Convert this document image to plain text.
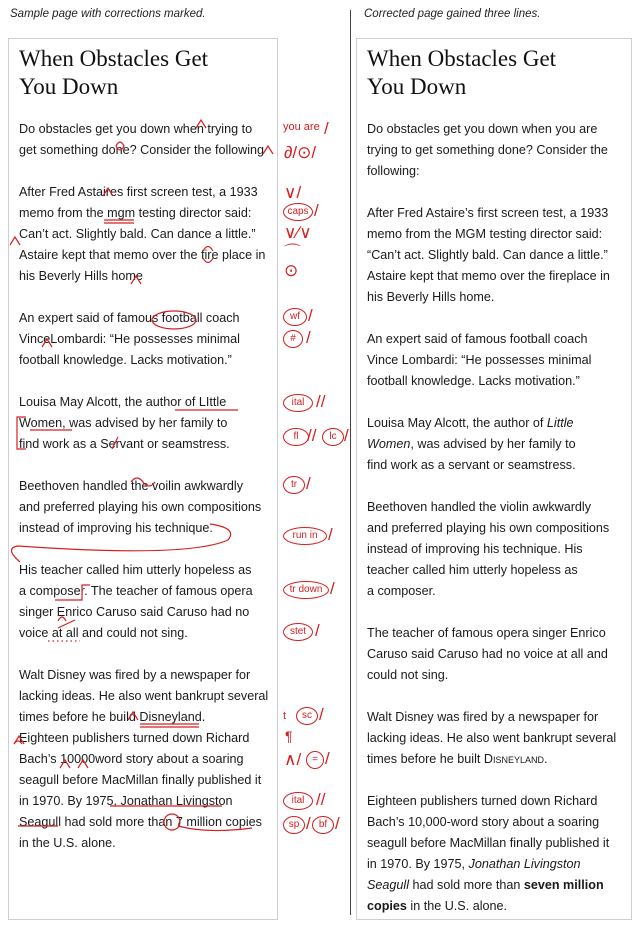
Sample page with corrections marked.	Corrected page gained three lines.
When Obstacles Get
You Down
Do obstacles get you down when trying to
get something done? Consider the following
After Fred Astaires first screen test, a 1933
memo from the mgm testing director said:
Can’t act. Slightly bald. Can dance a little.”
Astaire kept that memo over the fire place in
his Beverly Hills home
An expert said of famous football coach
VinceLombardi: “He possesses minimal
football knowledge. Lacks motivation.”
Louisa May Alcott, the author of LIttle
Women, was advised by her family to
find work as a Servant or seamstress.
Beethoven handled the voilin awkwardly
and preferred playing his own compositions
instead of improving his technique.
His teacher called him utterly hopeless as
a composer. The teacher of famous opera
singer Enrico Caruso said Caruso had no
voice at all and could not sing.
Walt Disney was fired by a newspaper for
lacking ideas. He also went bankrupt several
times before he build Disneyland.
Eighteen publishers turned down Richard
Bach’s 10000word story about a soaring
seagull before MacMillan finally published it
in 1970. By 1975, Jonathan Livingston
Seagull had sold more than 7 million copies
in the U.S. alone.
you are /
∂/⊙/
∨/
caps /
∨∕∨
⌒
⊙
wf /
# /
ital //
fl //	lc /
tr /
run in /
tr down /
stet /
t	sc /
¶
∧/	= /
ital //
sp / bf /
When Obstacles Get
You Down
Do obstacles get you down when you are
trying to get something done? Consider the
following:
After Fred Astaire’s first screen test, a 1933
memo from the MGM testing director said:
“Can’t act. Slightly bald. Can dance a little.”
Astaire kept that memo over the fireplace in
his Beverly Hills home.
An expert said of famous football coach
Vince Lombardi: “He possesses minimal
football knowledge. Lacks motivation.”
Louisa May Alcott, the author of Little
Women, was advised by her family to
find work as a servant or seamstress.
Beethoven handled the violin awkwardly
and preferred playing his own compositions
instead of improving his technique. His
teacher called him utterly hopeless as
a composer.
The teacher of famous opera singer Enrico
Caruso said Caruso had no voice at all and
could not sing.
Walt Disney was fired by a newspaper for
lacking ideas. He also went bankrupt several
times before he built Disneyland.
Eighteen publishers turned down Richard
Bach’s 10,000-word story about a soaring
seagull before MacMillan finally published it
in 1970. By 1975, Jonathan Livingston
Seagull had sold more than seven million
copies in the U.S. alone.
